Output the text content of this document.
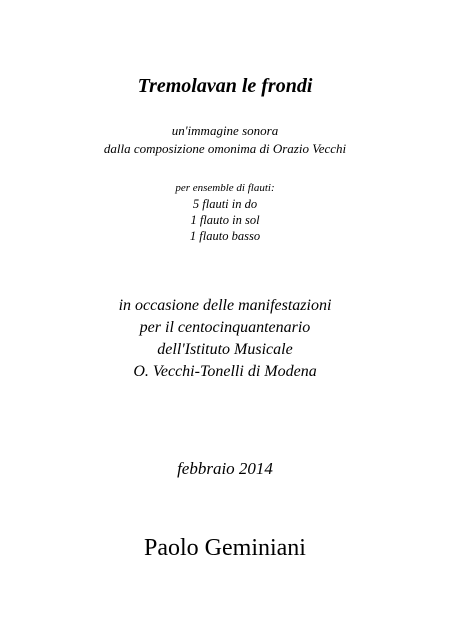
Tremolavan le frondi
un'immagine sonora
dalla composizione omonima di Orazio Vecchi
per ensemble di flauti:
5 flauti in do
1 flauto in sol
1 flauto basso
in occasione delle manifestazioni
per il centocinquantenario
dell'Istituto Musicale
O. Vecchi-Tonelli di Modena
febbraio 2014
Paolo Geminiani
